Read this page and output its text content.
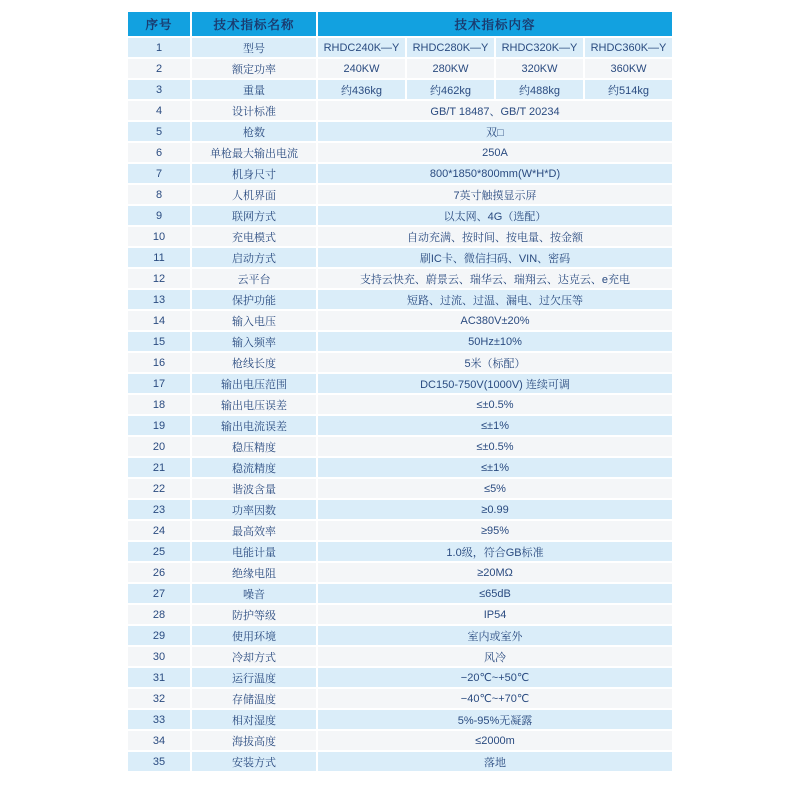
序号	技术指标名称	技术指标内容			
1	型号	RHDC240K—Y	RHDC280K—Y	RHDC320K—Y	RHDC360K—Y
2	额定功率	240KW	280KW	320KW	360KW
3	重量	约436kg	约462kg	约488kg	约514kg
4	设计标准	GB/T 18487、GB/T 20234			
5	枪数	双□			
6	单枪最大输出电流	250A			
7	机身尺寸	800*1850*800mm(W*H*D)			
8	人机界面	7英寸触摸显示屏			
9	联网方式	以太网、4G（选配）			
10	充电模式	自动充满、按时间、按电量、按金额			
11	启动方式	刷IC卡、微信扫码、VIN、密码			
12	云平台	支持云快充、蔚景云、瑞华云、瑞翔云、达克云、e充电			
13	保护功能	短路、过流、过温、漏电、过欠压等			
14	输入电压	AC380V±20%			
15	输入频率	50Hz±10%			
16	枪线长度	5米（标配）			
17	输出电压范围	DC150-750V(1000V) 连续可调			
18	输出电压误差	≤±0.5%			
19	输出电流误差	≤±1%			
20	稳压精度	≤±0.5%			
21	稳流精度	≤±1%			
22	谐波含量	≤5%			
23	功率因数	≥0.99			
24	最高效率	≥95%			
25	电能计量	1.0级，符合GB标准			
26	绝缘电阻	≥20MΩ			
27	噪音	≤65dB			
28	防护等级	IP54			
29	使用环境	室内或室外			
30	冷却方式	风冷			
31	运行温度	−20℃~+50℃			
32	存储温度	−40℃~+70℃			
33	相对湿度	5%-95%无凝露			
34	海拔高度	≤2000m			
35	安装方式	落地			
